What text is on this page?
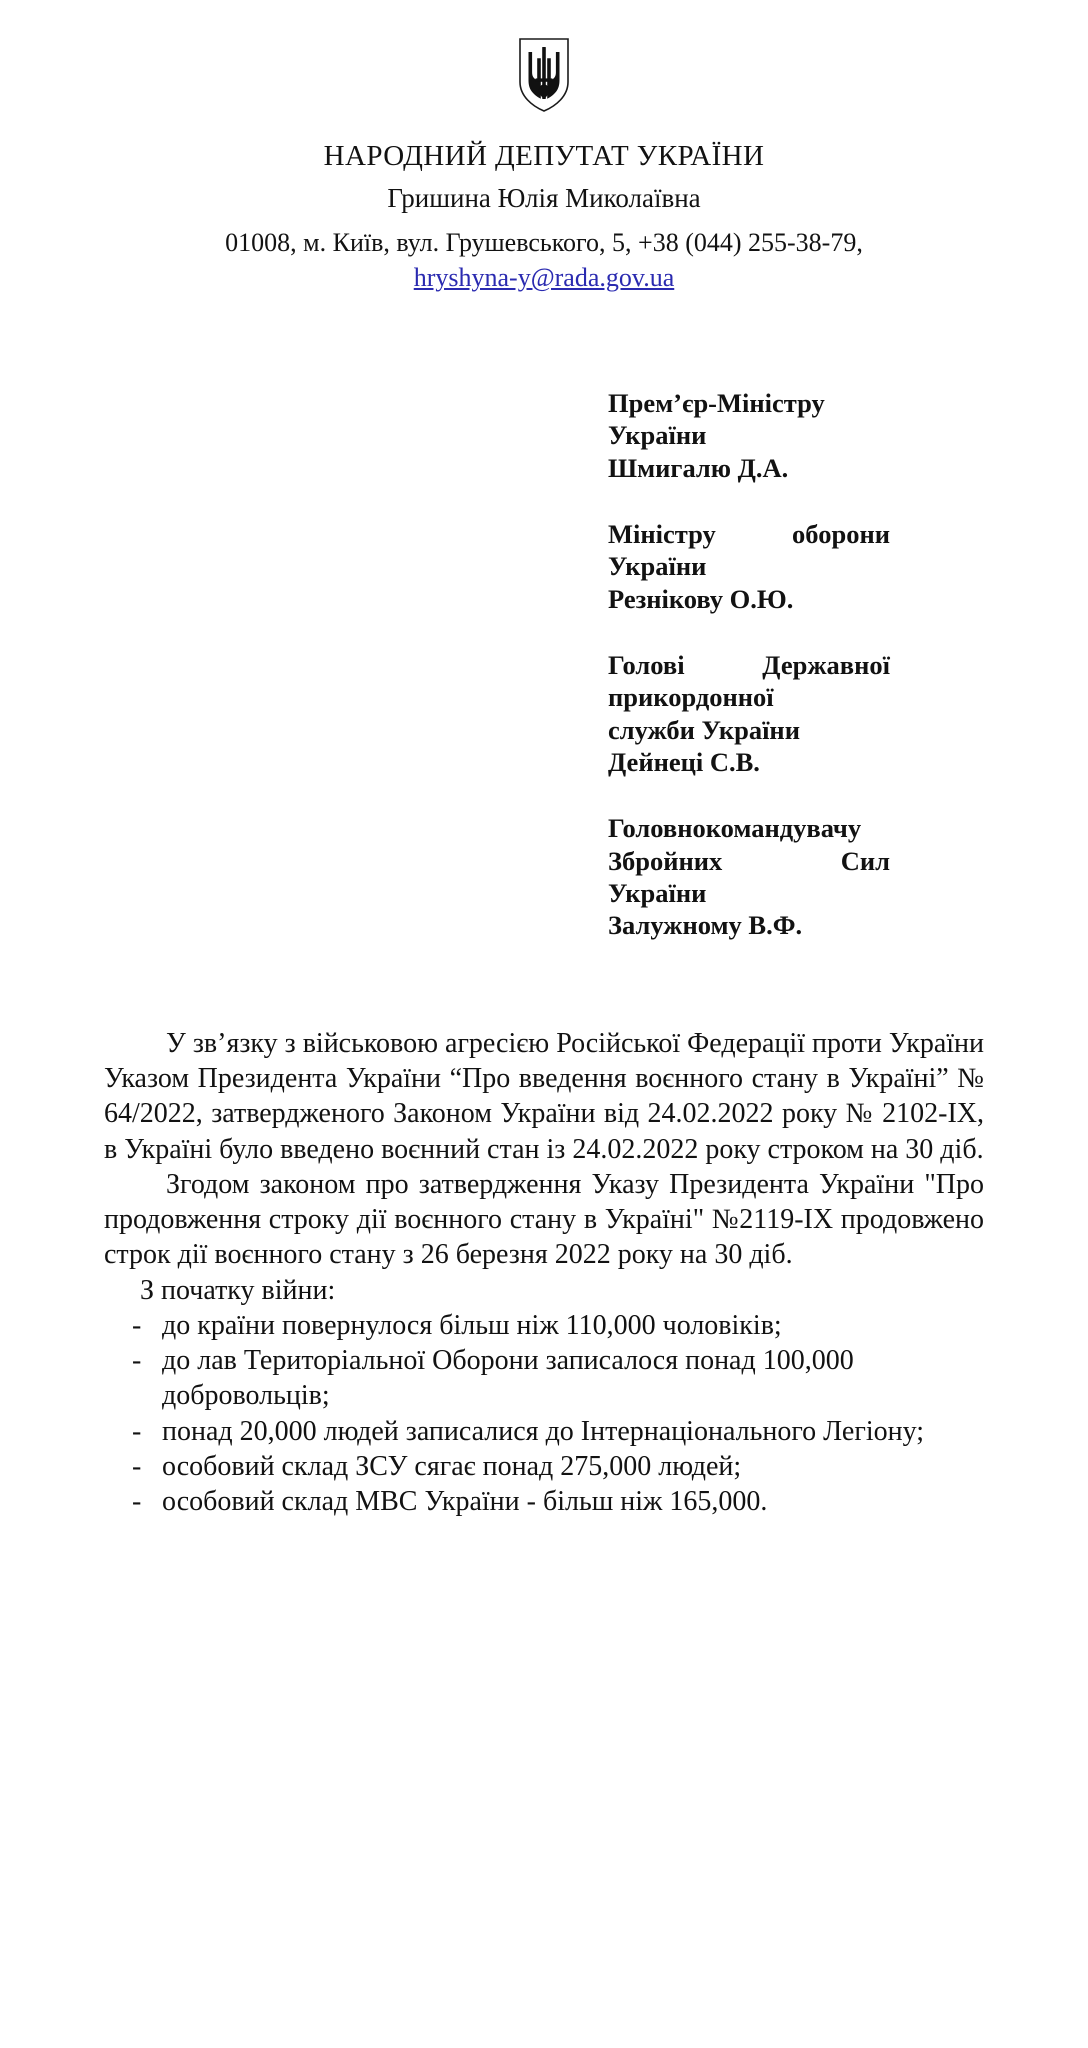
НАРОДНИЙ ДЕПУТАТ УКРАЇНИ
Гришина Юлія Миколаївна
01008, м. Київ, вул. Грушевського, 5, +38 (044) 255-38-79,
hryshyna-y@rada.gov.ua
Прем’єр-Міністру
України
Шмигалю Д.А.
Міністру оборони
України
Резнікову О.Ю.
Голові Державної
прикордонної
служби України
Дейнеці С.В.
Головнокомандувачу
Збройних Сил
України
Залужному В.Ф.

У зв’язку з військовою агресією Російської Федерації проти України Указом Президента України “Про введення воєнного стану в Україні” № 64/2022, затвердженого Законом України від 24.02.2022 року № 2102-IX, в Україні було введено воєнний стан із 24.02.2022 року строком на 30 діб.

Згодом законом про затвердження Указу Президента України "Про продовження строку дії воєнного стану в Україні" №2119-IX продовжено строк дії воєнного стану з 26 березня 2022 року на 30 діб.

З початку війни:

- до країни повернулося більш ніж 110,000 чоловіків;
- до лав Територіальної Оборони записалося понад 100,000 добровольців;
- понад 20,000 людей записалися до Інтернаціонального Легіону;
- особовий склад ЗСУ сягає понад 275,000 людей;
- особовий склад МВС України - більш ніж 165,000.
